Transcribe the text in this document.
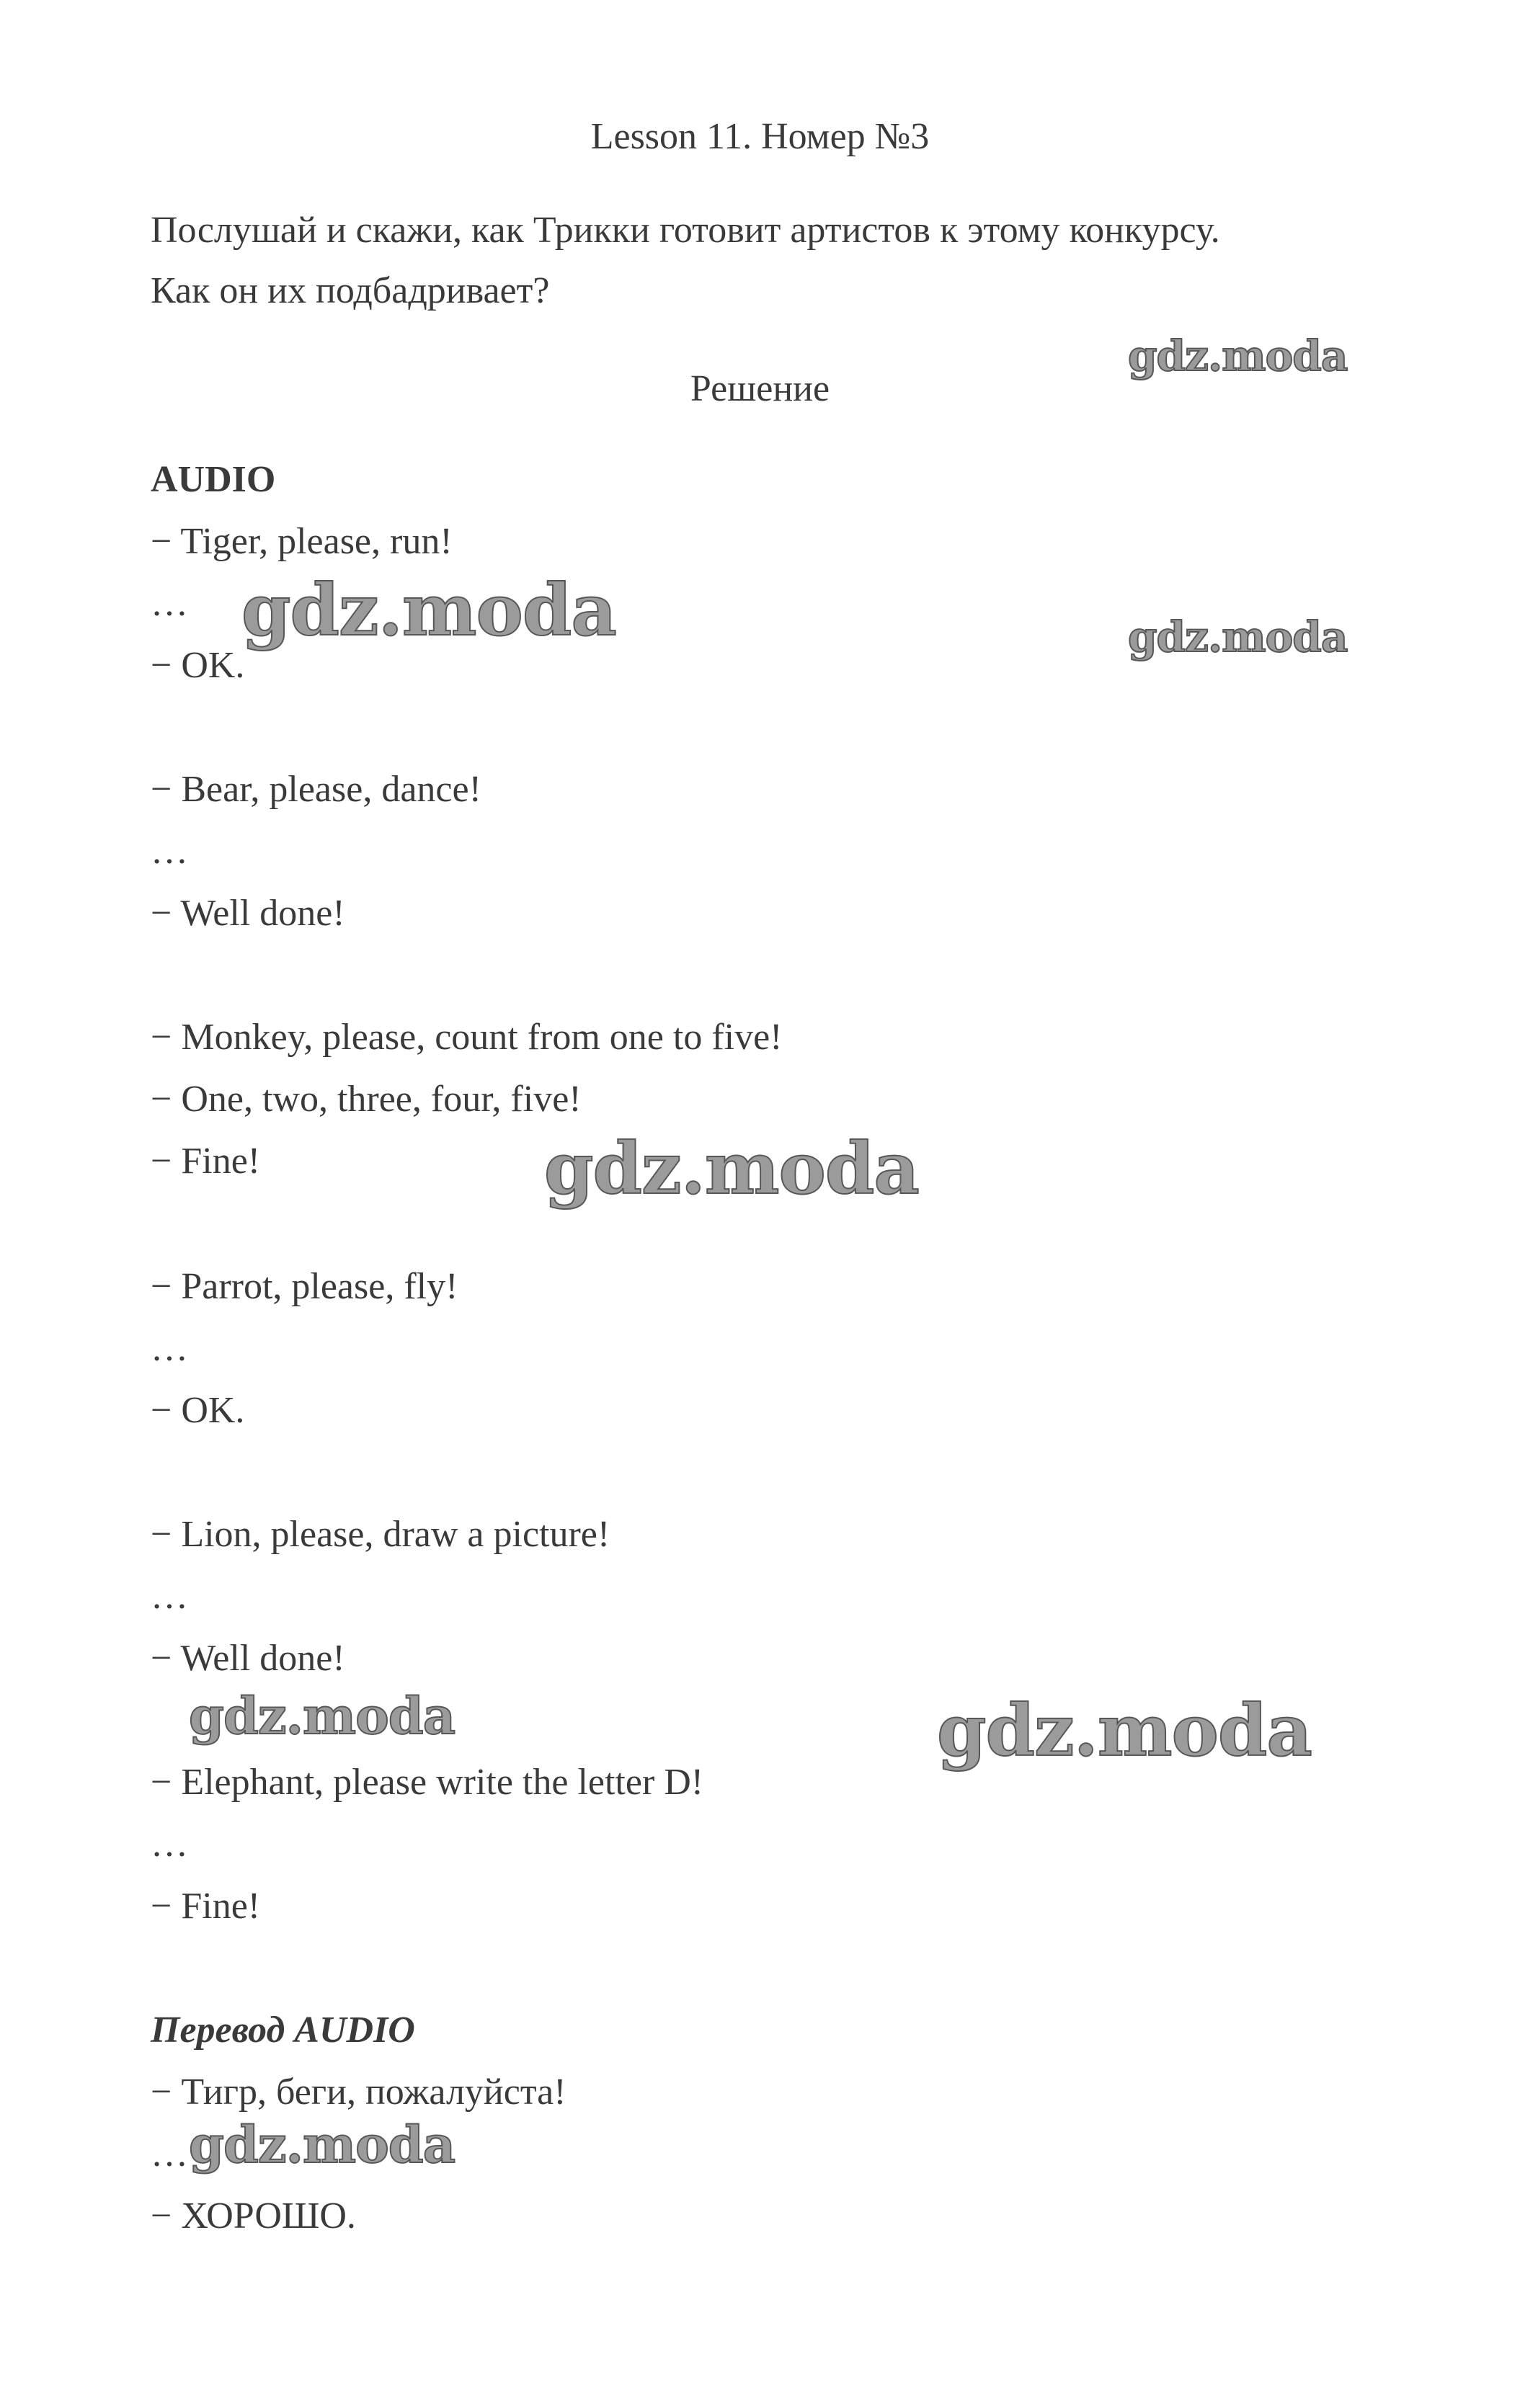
Lesson 11. Номер №3
Послушай и скажи, как Трикки готовит артистов к этому конкурсу.
Как он их подбадривает?
Решение
AUDIO
− Tiger, please, run!
…
− OK.
− Bear, please, dance!
…
− Well done!
− Monkey, please, count from one to five!
− One, two, three, four, five!
− Fine!
− Parrot, please, fly!
…
− OK.
− Lion, please, draw a picture!
…
− Well done!
− Elephant, please write the letter D!
…
− Fine!
Перевод AUDIO
− Тигр, беги, пожалуйста!
…
− ХОРОШО.
gdz.moda
gdz.moda	gdz.moda
gdz.moda
gdz.moda	gdz.moda
gdz.moda
